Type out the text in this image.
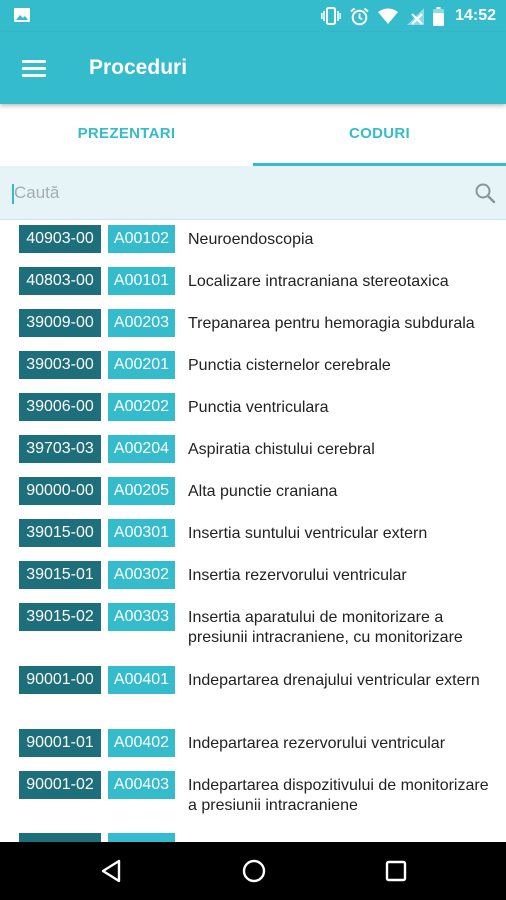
14:52
Proceduri
PREZENTARI	CODURI
Caută
40903-00	A00102	Neuroendoscopia
40803-00	A00101	Localizare intracraniana stereotaxica
39009-00	A00203	Trepanarea pentru hemoragia subdurala
39003-00	A00201	Punctia cisternelor cerebrale
39006-00	A00202	Punctia ventriculara
39703-03	A00204	Aspiratia chistului cerebral
90000-00	A00205	Alta punctie craniana
39015-00	A00301	Insertia suntului ventricular extern
39015-01	A00302	Insertia rezervorului ventricular
39015-02	A00303	Insertia aparatului de monitorizare a presiunii intracraniene, cu monitorizare
90001-00	A00401	Indepartarea drenajului ventricular extern
90001-01	A00402	Indepartarea rezervorului ventricular
90001-02	A00403	Indepartarea dispozitivului de monitorizare a presiunii intracraniene
